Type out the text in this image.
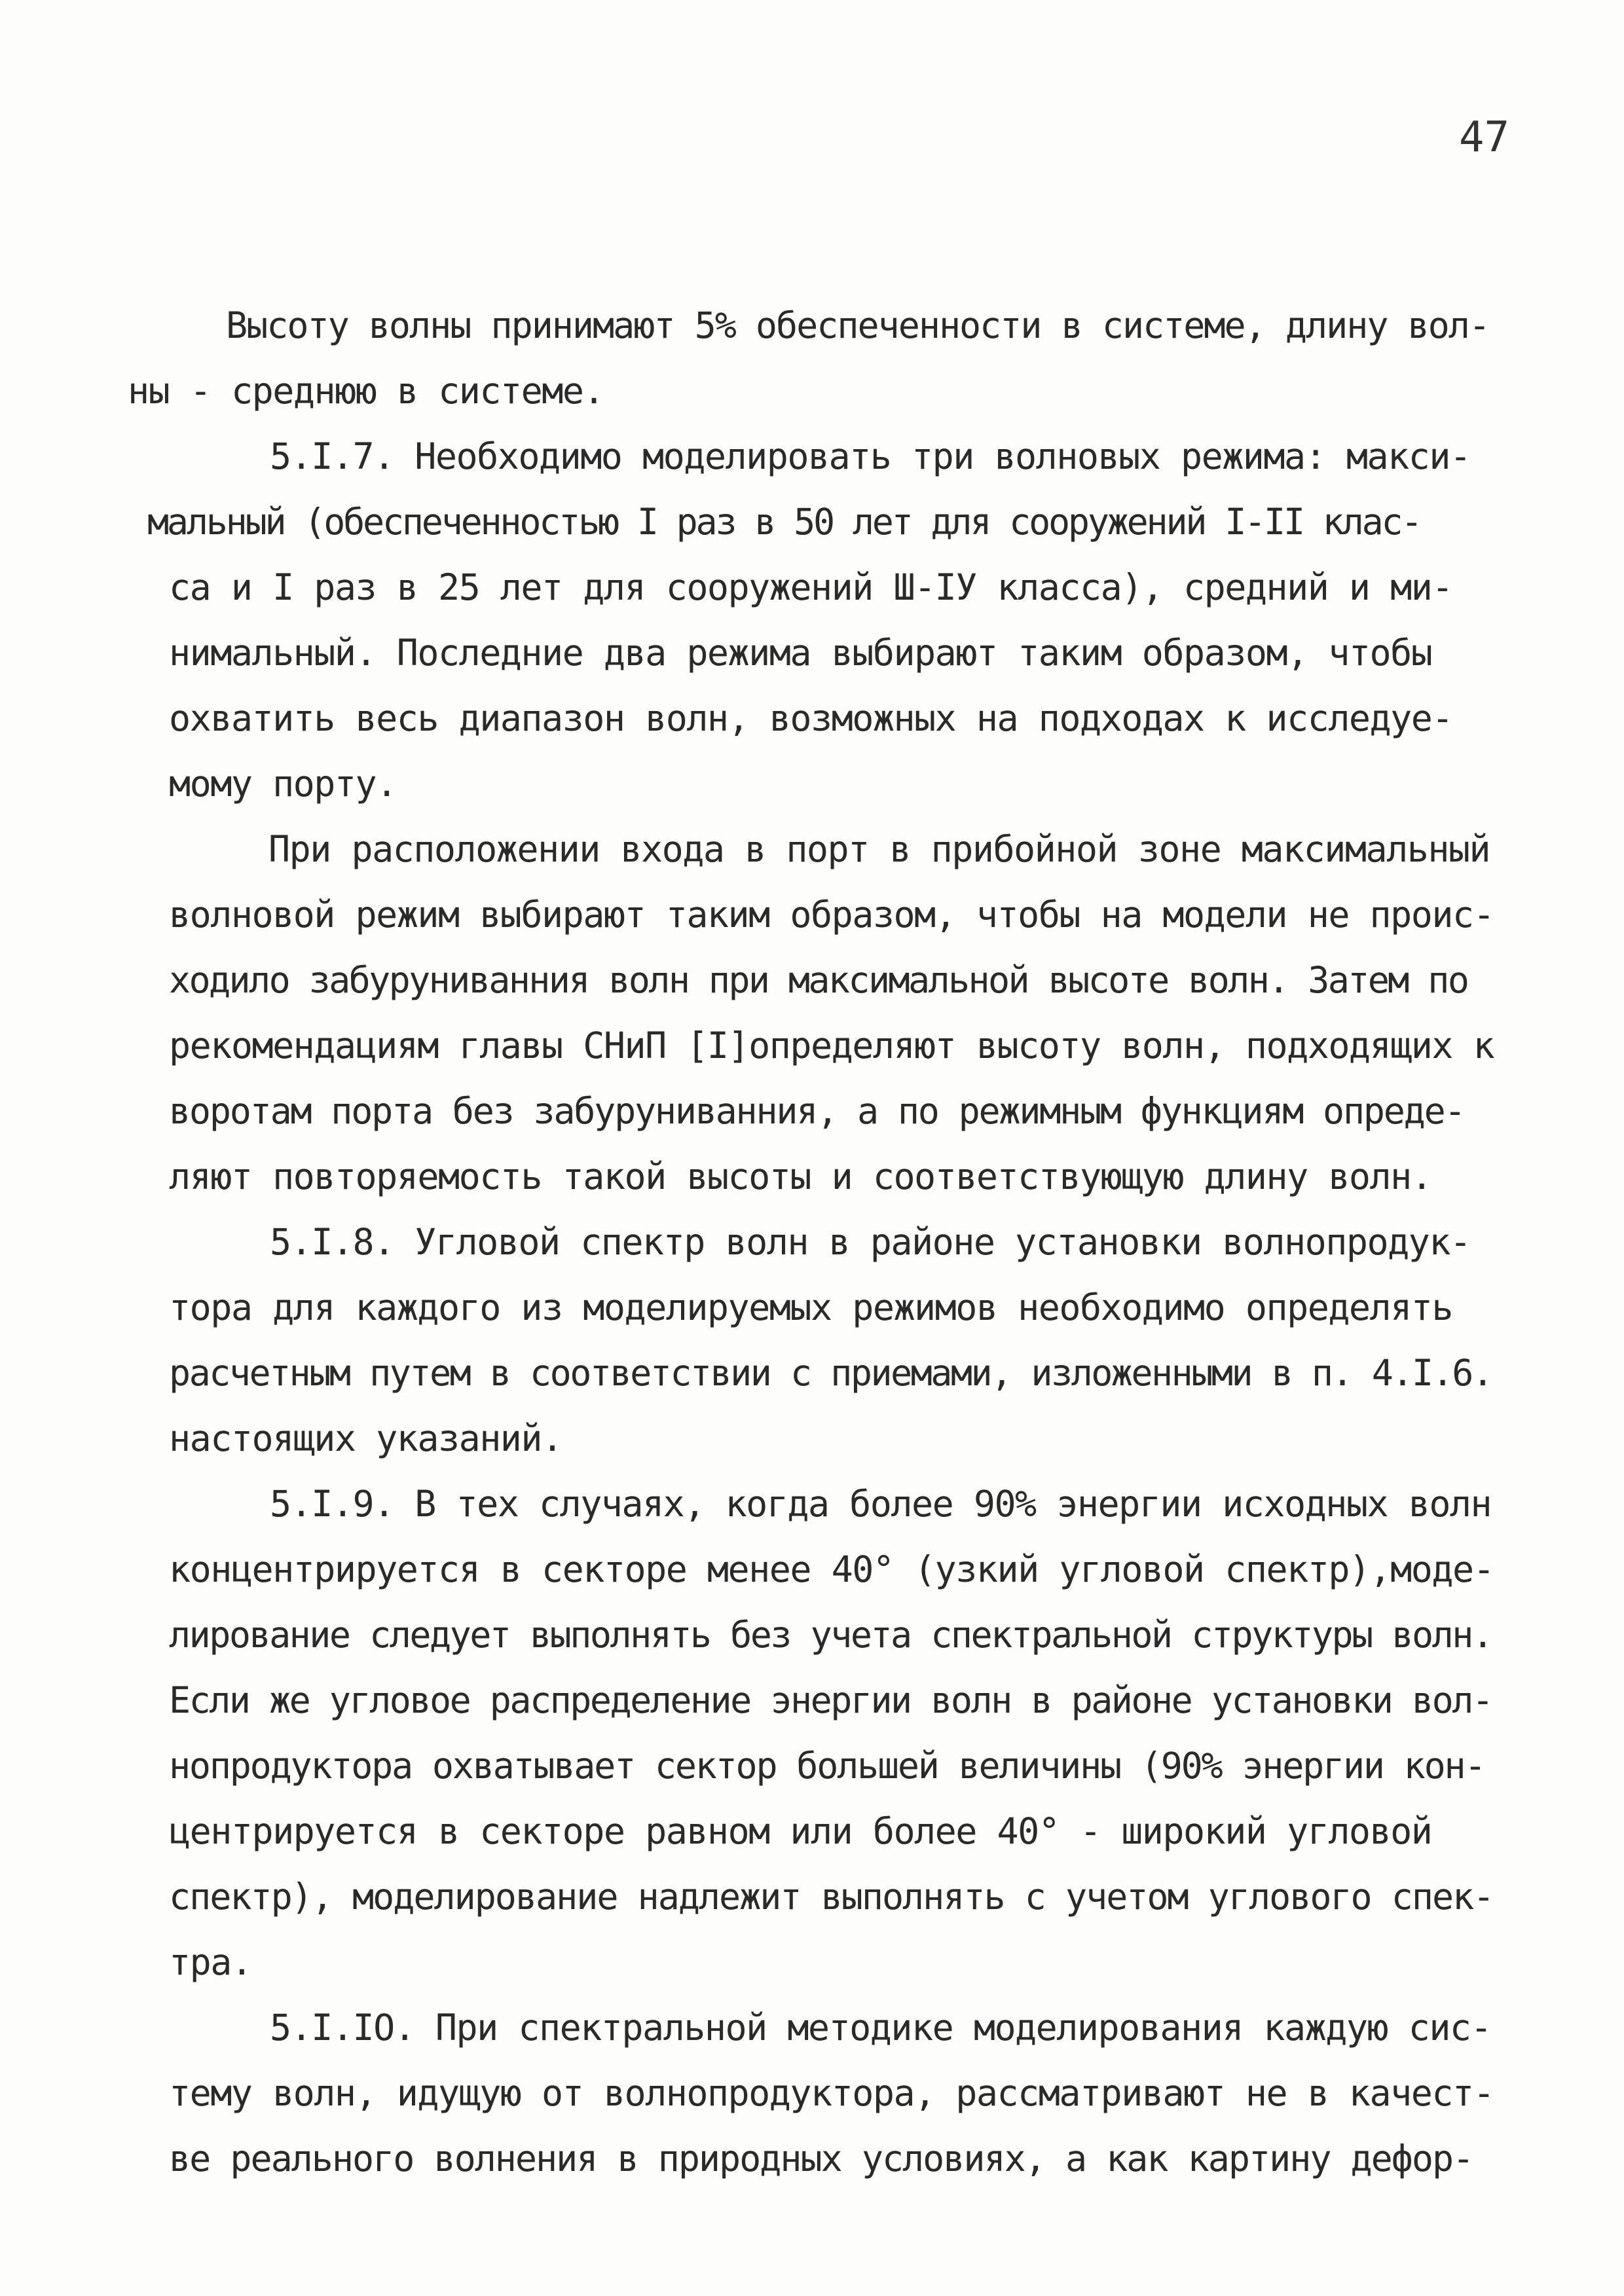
47
Высоту волны принимают 5% обеспеченности в системе, длину вол-
ны - среднюю в системе.
5.I.7. Необходимо моделировать три волновых режима: макси-
мальный (обеспеченностью I раз в 50 лет для сооружений I-II клас-
са и I раз в 25 лет для сооружений Ш-IУ класса), средний и ми-
нимальный. Последние два режима выбирают таким образом, чтобы
охватить весь диапазон волн, возможных на подходах к исследуе-
мому порту.
При расположении входа в порт в прибойной зоне максимальный
волновой режим выбирают таким образом, чтобы на модели не проис-
ходило забуруниванния волн при максимальной высоте волн. Затем по
рекомендациям главы СНиП [I]определяют высоту волн, подходящих к
воротам порта без забуруниванния, а по режимным функциям опреде-
ляют повторяемость такой высоты и соответствующую длину волн.
5.I.8. Угловой спектр волн в районе установки волнопродук-
тора для каждого из моделируемых режимов необходимо определять
расчетным путем в соответствии с приемами, изложенными в п. 4.I.6.
настоящих указаний.
5.I.9. В тех случаях, когда более 90% энергии исходных волн
концентрируется в секторе менее 40° (узкий угловой спектр),моде-
лирование следует выполнять без учета спектральной структуры волн.
Если же угловое распределение энергии волн в районе установки вол-
нопродуктора охватывает сектор большей величины (90% энергии кон-
центрируется в секторе равном или более 40° - широкий угловой
спектр), моделирование надлежит выполнять с учетом углового спек-
тра.
5.I.IO. При спектральной методике моделирования каждую сис-
тему волн, идущую от волнопродуктора, рассматривают не в качест-
ве реального волнения в природных условиях, а как картину дефор-
